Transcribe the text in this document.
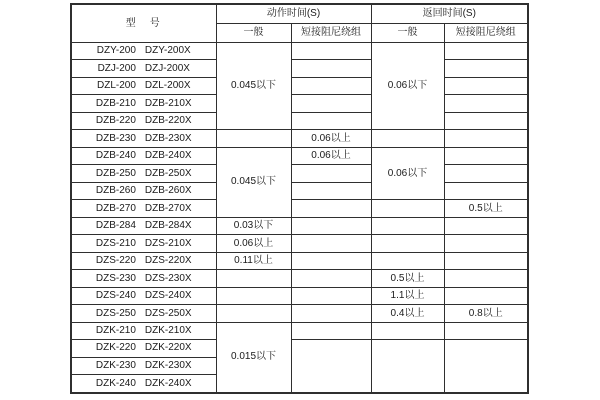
型　号	动作时间(S)		返回时间(S)	
	一般	短接阻尼绕组	一般	短接阻尼绕组

DZY-200 DZY-200X	0.045以下		0.06以下	

DZJ-200 DZJ-200X				

DZL-200 DZL-200X				

DZB-210 DZB-210X				

DZB-220 DZB-220X				

DZB-230 DZB-230X		0.06以上		

DZB-240 DZB-240X	0.045以下	0.06以上	0.06以下	

DZB-250 DZB-250X				

DZB-260 DZB-260X				

DZB-270 DZB-270X				0.5以上

DZB-284 DZB-284X	0.03以下			

DZS-210 DZS-210X	0.06以上			

DZS-220 DZS-220X	0.11以上			

DZS-230 DZS-230X			0.5以上	

DZS-240 DZS-240X			1.1以上	

DZS-250 DZS-250X			0.4以上	0.8以上

DZK-210 DZK-210X	0.015以下			

DZK-220 DZK-220X				

DZK-230 DZK-230X				

DZK-240 DZK-240X				
